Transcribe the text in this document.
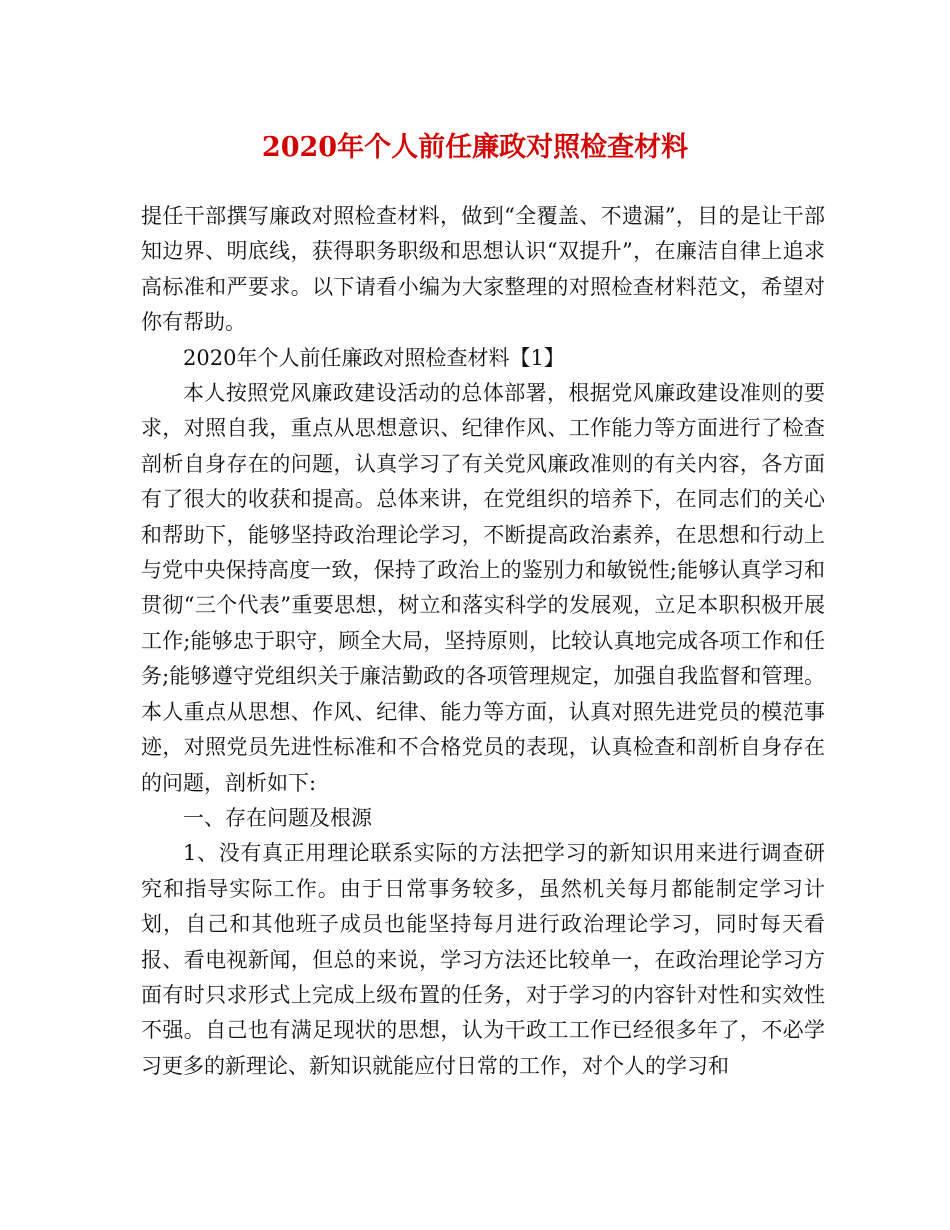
2020年个人前任廉政对照检查材料

提任干部撰写廉政对照检查材料，做到“全覆盖、不遗漏”，目的是让干部知边界、明底线，获得职务职级和思想认识“双提升”，在廉洁自律上追求高标准和严要求。以下请看小编为大家整理的对照检查材料范文，希望对你有帮助。

2020年个人前任廉政对照检查材料【1】

本人按照党风廉政建设活动的总体部署，根据党风廉政建设准则的要求，对照自我，重点从思想意识、纪律作风、工作能力等方面进行了检查剖析自身存在的问题，认真学习了有关党风廉政准则的有关内容，各方面有了很大的收获和提高。总体来讲，在党组织的培养下，在同志们的关心和帮助下，能够坚持政治理论学习，不断提高政治素养，在思想和行动上与党中央保持高度一致，保持了政治上的鉴别力和敏锐性;能够认真学习和贯彻“三个代表”重要思想，树立和落实科学的发展观，立足本职积极开展工作;能够忠于职守，顾全大局，坚持原则，比较认真地完成各项工作和任务;能够遵守党组织关于廉洁勤政的各项管理规定，加强自我监督和管理。本人重点从思想、作风、纪律、能力等方面，认真对照先进党员的模范事迹，对照党员先进性标准和不合格党员的表现，认真检查和剖析自身存在的问题，剖析如下:

一、存在问题及根源

1、没有真正用理论联系实际的方法把学习的新知识用来进行调查研究和指导实际工作。由于日常事务较多，虽然机关每月都能制定学习计划，自己和其他班子成员也能坚持每月进行政治理论学习，同时每天看报、看电视新闻，但总的来说，学习方法还比较单一，在政治理论学习方面有时只求形式上完成上级布置的任务，对于学习的内容针对性和实效性不强。自己也有满足现状的思想，认为干政工工作已经很多年了，不必学习更多的新理论、新知识就能应付日常的工作，对个人的学习和
